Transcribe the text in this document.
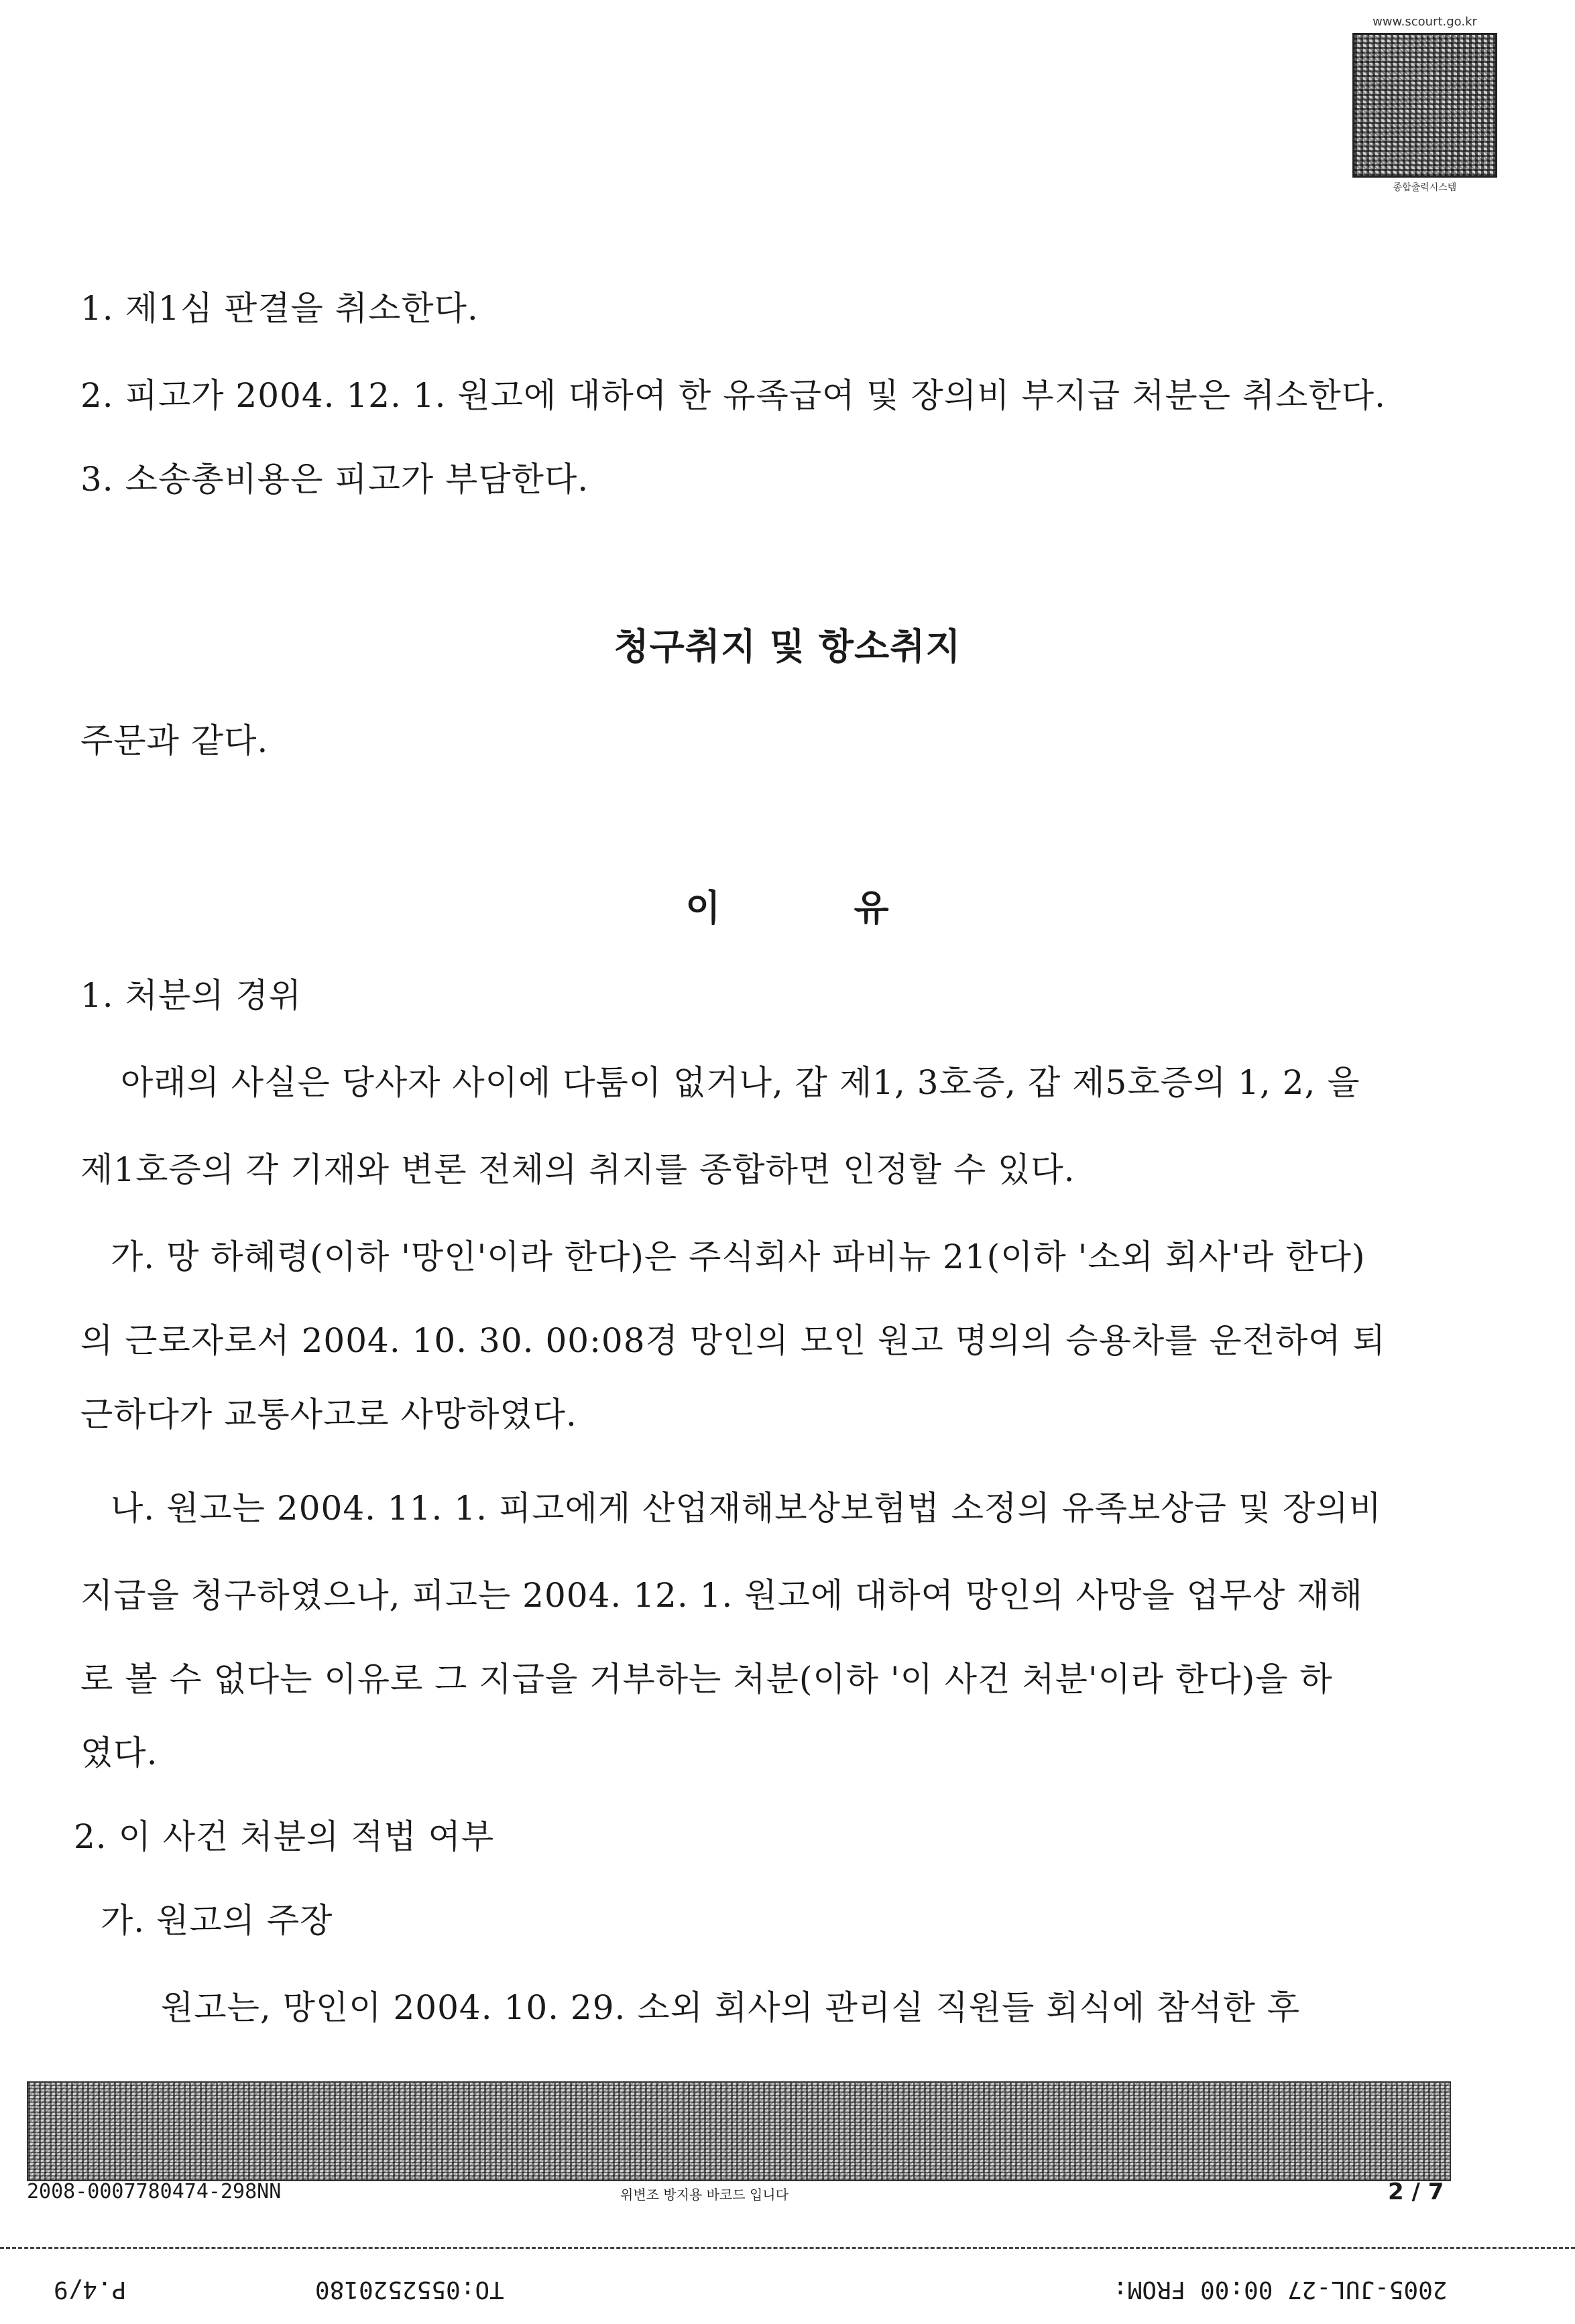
www.scourt.go.kr
종합출력시스템
1. 제1심 판결을 취소한다.
2. 피고가 2004. 12. 1. 원고에 대하여 한 유족급여 및 장의비 부지급 처분은 취소한다.
3. 소송총비용은 피고가 부담한다.
청구취지 및 항소취지
주문과 같다.
이          유
1. 처분의 경위
아래의 사실은 당사자 사이에 다툼이 없거나, 갑 제1, 3호증, 갑 제5호증의 1, 2, 을
제1호증의 각 기재와 변론 전체의 취지를 종합하면 인정할 수 있다.
가. 망 하혜령(이하 '망인'이라 한다)은 주식회사 파비뉴 21(이하 '소외 회사'라 한다)
의 근로자로서 2004. 10. 30. 00:08경 망인의 모인 원고 명의의 승용차를 운전하여 퇴
근하다가 교통사고로 사망하였다.
나. 원고는 2004. 11. 1. 피고에게 산업재해보상보험법 소정의 유족보상금 및 장의비
지급을 청구하였으나, 피고는 2004. 12. 1. 원고에 대하여 망인의 사망을 업무상 재해
로 볼 수 없다는 이유로 그 지급을 거부하는 처분(이하 '이 사건 처분'이라 한다)을 하
였다.
2. 이 사건 처분의 적법 여부
가. 원고의 주장
원고는, 망인이 2004. 10. 29. 소외 회사의 관리실 직원들 회식에 참석한 후
2008-0007780474-298NN	위변조 방지용 바코드 입니다	2 / 7
P.4/9	TO:0552520180	2005-JUL-27 00:00 FROM:
